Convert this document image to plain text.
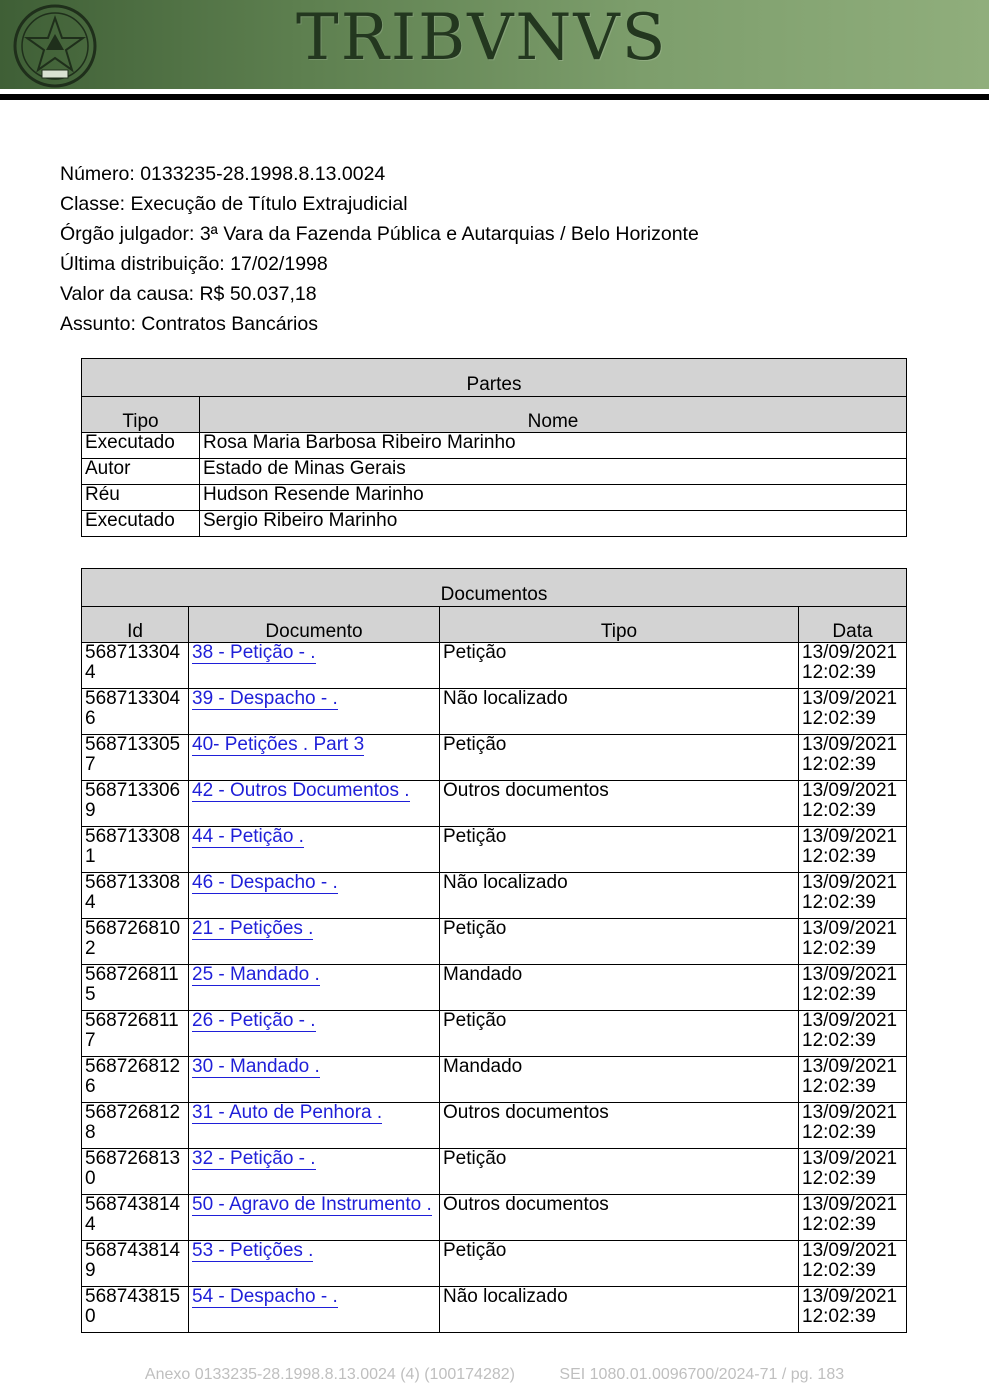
TRIBVNVS
Número: 0133235-28.1998.8.13.0024
Classe: Execução de Título Extrajudicial
Órgão julgador: 3ª Vara da Fazenda Pública e Autarquias / Belo Horizonte
Última distribuição: 17/02/1998
Valor da causa: R$ 50.037,18
Assunto: Contratos Bancários
Partes	
Tipo	Nome
Executado	Rosa Maria Barbosa Ribeiro Marinho
Autor	Estado de Minas Gerais
Réu	Hudson Resende Marinho
Executado	Sergio Ribeiro Marinho
Documentos			
Id	Documento	Tipo	Data
5687133044	38 - Petição - .	Petição	13/09/2021 12:02:39
5687133046	39 - Despacho - .	Não localizado	13/09/2021 12:02:39
5687133057	40- Petições . Part 3	Petição	13/09/2021 12:02:39
5687133069	42 - Outros Documentos .	Outros documentos	13/09/2021 12:02:39
5687133081	44 - Petição .	Petição	13/09/2021 12:02:39
5687133084	46 - Despacho - .	Não localizado	13/09/2021 12:02:39
5687268102	21 - Petições .	Petição	13/09/2021 12:02:39
5687268115	25 - Mandado .	Mandado	13/09/2021 12:02:39
5687268117	26 - Petição - .	Petição	13/09/2021 12:02:39
5687268126	30 - Mandado .	Mandado	13/09/2021 12:02:39
5687268128	31 - Auto de Penhora .	Outros documentos	13/09/2021 12:02:39
5687268130	32 - Petição - .	Petição	13/09/2021 12:02:39
5687438144	50 - Agravo de Instrumento .	Outros documentos	13/09/2021 12:02:39
5687438149	53 - Petições .	Petição	13/09/2021 12:02:39
5687438150	54 - Despacho - .	Não localizado	13/09/2021 12:02:39
Anexo 0133235-28.1998.8.13.0024 (4) (100174282)	SEI 1080.01.0096700/2024-71 / pg. 183
